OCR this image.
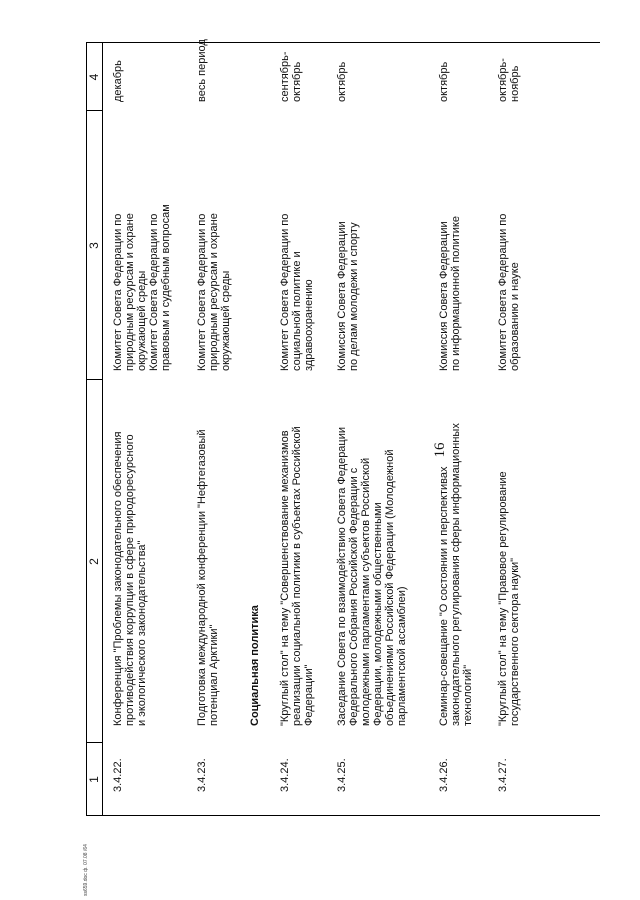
16
ss659.doc ф. 07.08 /64
1
2
3
4
3.4.22.
Конференция "Проблемы законодательного обеспечения противодействия коррупции в сфере природоресурсного и экологического законодательства"
Комитет Совета Федерации по природным ресурсам и охране окружающей среды Комитет Совета Федерации по правовым и судебным вопросам
декабрь
3.4.23.
Подготовка международной конференции "Нефтегазовый потенциал Арктики"
Комитет Совета Федерации по природным ресурсам и охране окружающей среды
весь период
Социальная политика
3.4.24.
"Круглый стол" на тему "Совершенствование механизмов реализации социальной политики в субъектах Российской Федерации"
Комитет Совета Федерации по социальной политике и здравоохранению
сентябрь- октябрь
3.4.25.
Заседание Совета по взаимодействию Совета Федерации Федерального Собрания Российской Федерации с молодежными парламентами субъектов Российской Федерации, молодежными общественными объединениями Российской Федерации (Молодежной парламентской ассамблеи)
Комиссия Совета Федерации по делам молодежи и спорту
октябрь
3.4.26.
Семинар-совещание "О состоянии и перспективах законодательного регулирования сферы информационных технологий"
Комиссия Совета Федерации по информационной политике
октябрь
3.4.27.
"Круглый стол" на тему "Правовое регулирование государственного сектора науки"
Комитет Совета Федерации по образованию и науке
октябрь- ноябрь
